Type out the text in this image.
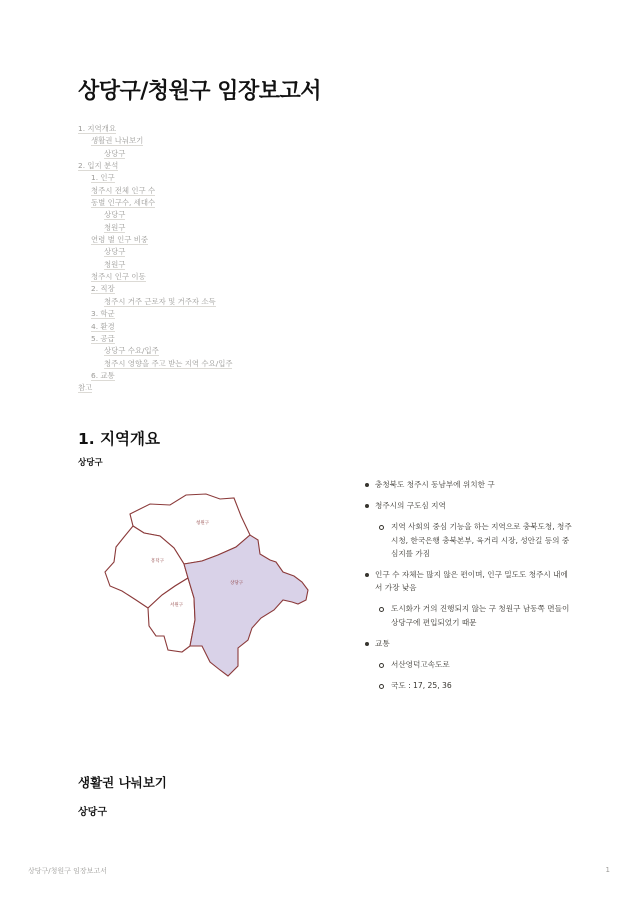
상당구/청원구 임장보고서
1. 지역개요
생활권 나눠보기
상당구
2. 입지 분석
1. 인구
청주시 전체 인구 수
동별 인구수, 세대수
상당구
청원구
연령 별 인구 비중
상당구
청원구
청주시 인구 이동
2. 직장
청주시 거주 근로자 및 거주자 소득
3. 학군
4. 환경
5. 공급
상당구 수요/입주
청주시 영향을 주고 받는 지역 수요/입주
6. 교통
참고
1. 지역개요
상당구
청원구
흥덕구
서원구
상당구
충청북도 청주시 동남부에 위치한 구
청주시의 구도심 지역
지역 사회의 중심 기능을 하는 지역으로 충북도청, 청주 시청, 한국은행 충북본부, 육거리 시장, 성안길 등의 중심지를 가짐
인구 수 자체는 많지 않은 편이며, 인구 밀도도 청주시 내에서 가장 낮음
도시화가 거의 진행되지 않는 구 청원구 남동쪽 면들이 상당구에 편입되었기 때문
교통
서산영덕고속도로
국도 : 17, 25, 36
생활권 나눠보기
상당구
상당구/청원구 임장보고서	1
